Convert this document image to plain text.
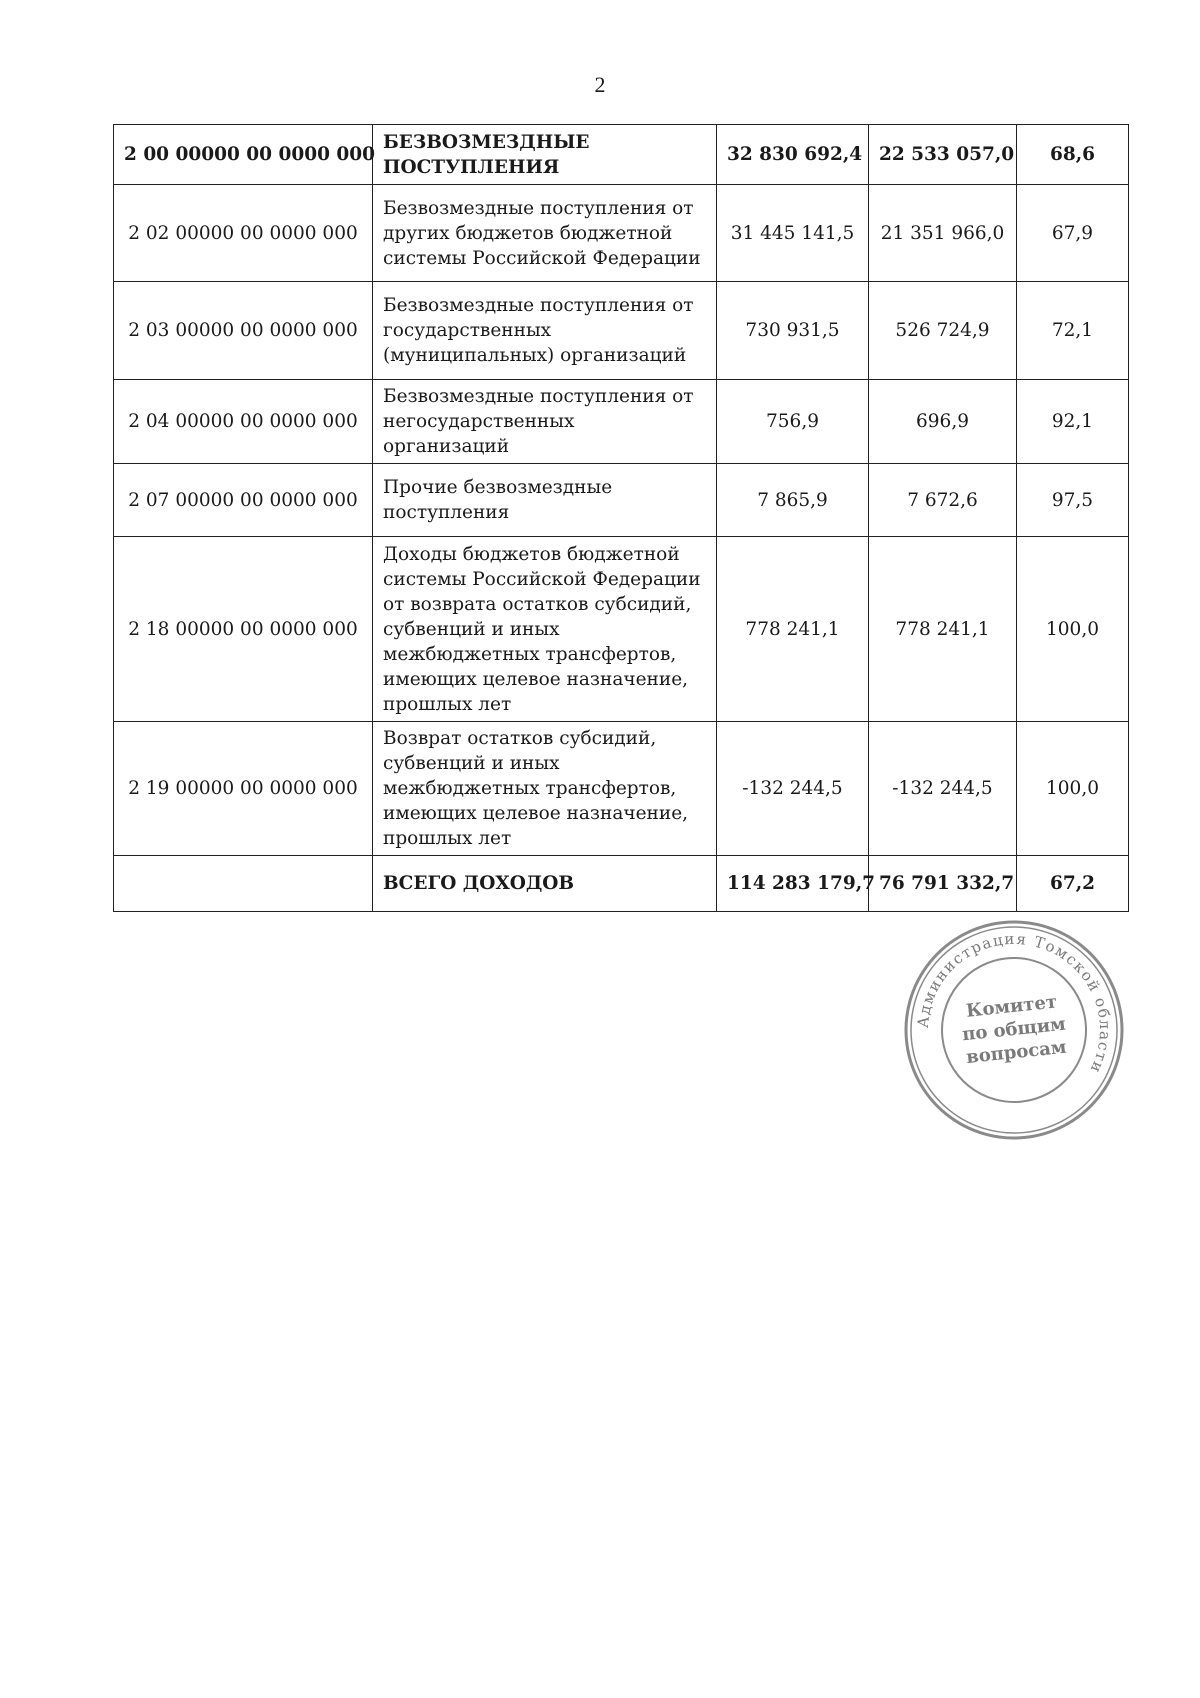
2
2 00 00000 00 0000 000	БЕЗВОЗМЕЗДНЫЕ ПОСТУПЛЕНИЯ	32 830 692,4	22 533 057,0	68,6
2 02 00000 00 0000 000	Безвозмездные поступления от других бюджетов бюджетной системы Российской Федерации	31 445 141,5	21 351 966,0	67,9
2 03 00000 00 0000 000	Безвозмездные поступления от государственных (муниципальных) организаций	730 931,5	526 724,9	72,1
2 04 00000 00 0000 000	Безвозмездные поступления от негосударственных организаций	756,9	696,9	92,1
2 07 00000 00 0000 000	Прочие безвозмездные поступления	7 865,9	7 672,6	97,5
2 18 00000 00 0000 000	Доходы бюджетов бюджетной системы Российской Федерации от возврата остатков субсидий, субвенций и иных межбюджетных трансфертов, имеющих целевое назначение, прошлых лет	778 241,1	778 241,1	100,0
2 19 00000 00 0000 000	Возврат остатков субсидий, субвенций и иных межбюджетных трансфертов, имеющих целевое назначение, прошлых лет	-132 244,5	-132 244,5	100,0
	ВСЕГО ДОХОДОВ	114 283 179,7	76 791 332,7	67,2
Администрация Томской области
Комитет
по общим
вопросам
